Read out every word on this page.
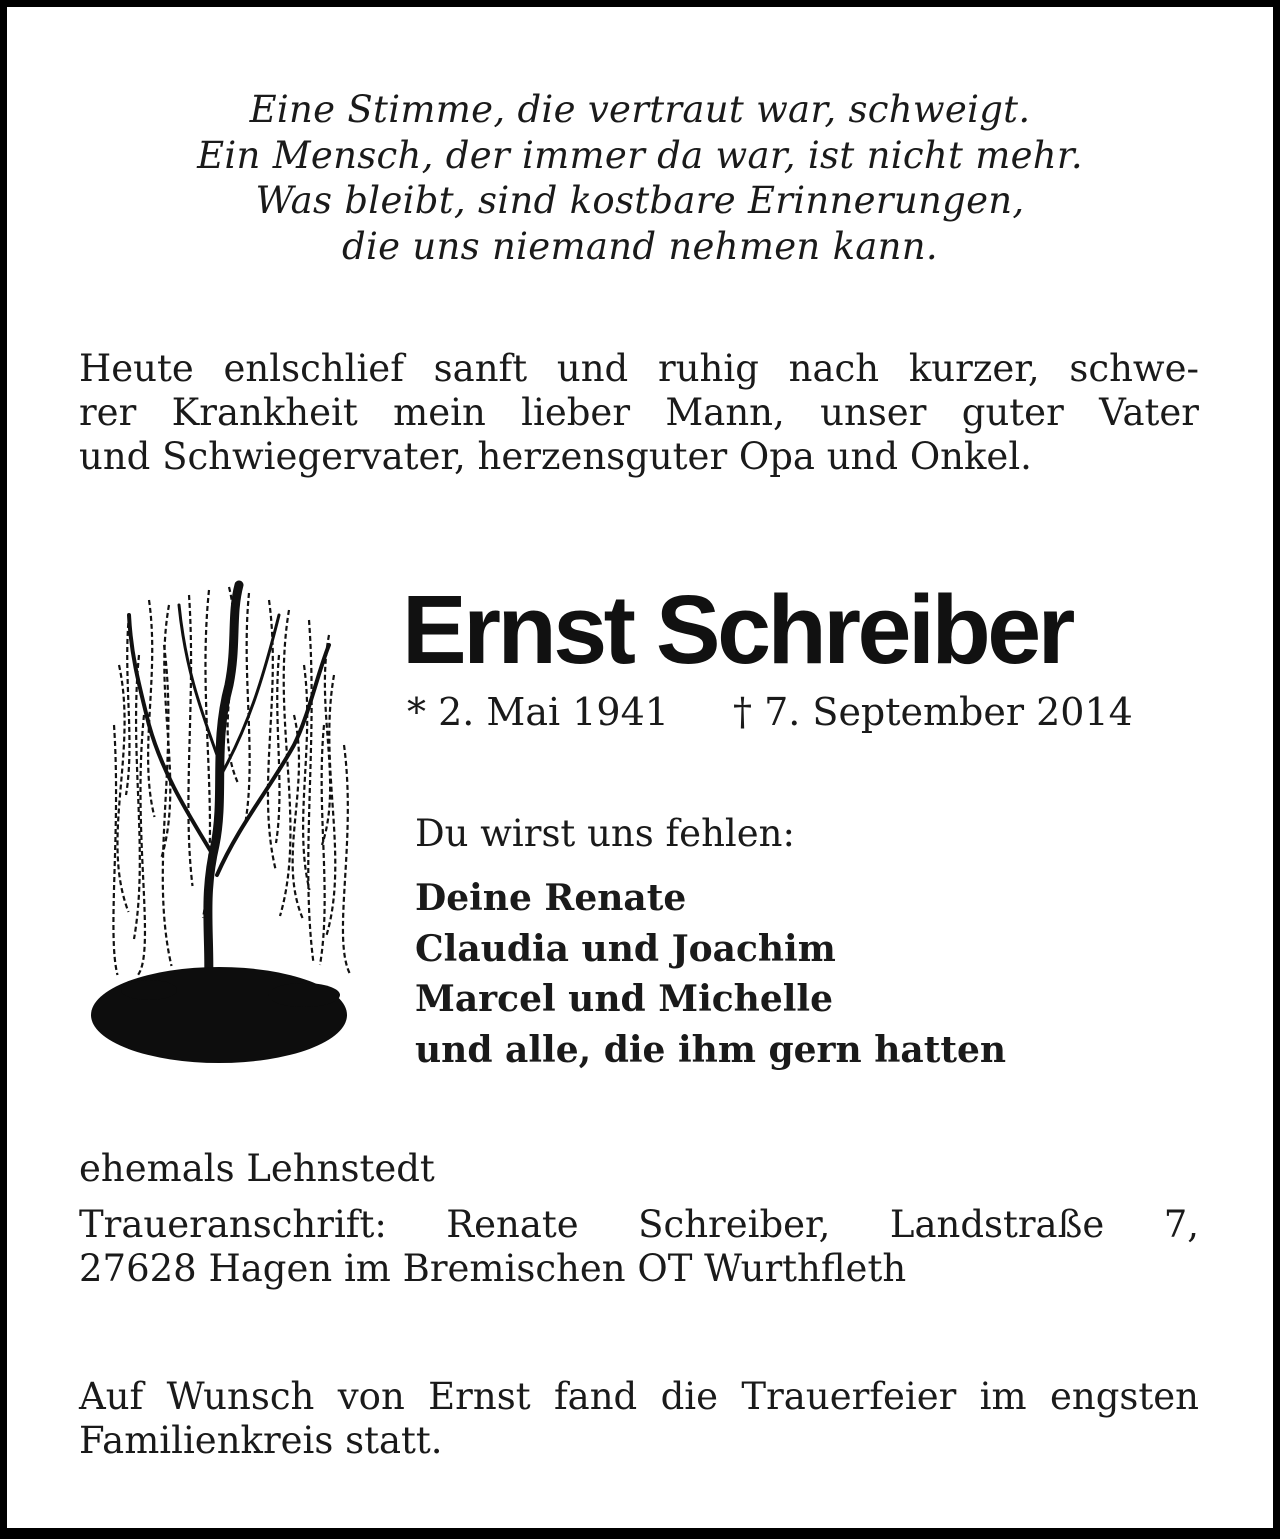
Eine Stimme, die vertraut war, schweigt.
Ein Mensch, der immer da war, ist nicht mehr.
Was bleibt, sind kostbare Erinnerungen,
die uns niemand nehmen kann.
Heute enlschlief sanft und ruhig nach kurzer, schwe-
rer Krankheit mein lieber Mann, unser guter Vater
und Schwiegervater, herzensguter Opa und Onkel.
Ernst Schreiber
* 2. Mai 1941 † 7. September 2014
Du wirst uns fehlen:
Deine Renate
Claudia und Joachim
Marcel und Michelle
und alle, die ihm gern hatten
ehemals Lehnstedt
Traueranschrift: Renate Schreiber, Landstraße 7,
27628 Hagen im Bremischen OT Wurthfleth
Auf Wunsch von Ernst fand die Trauerfeier im engsten
Familienkreis statt.
